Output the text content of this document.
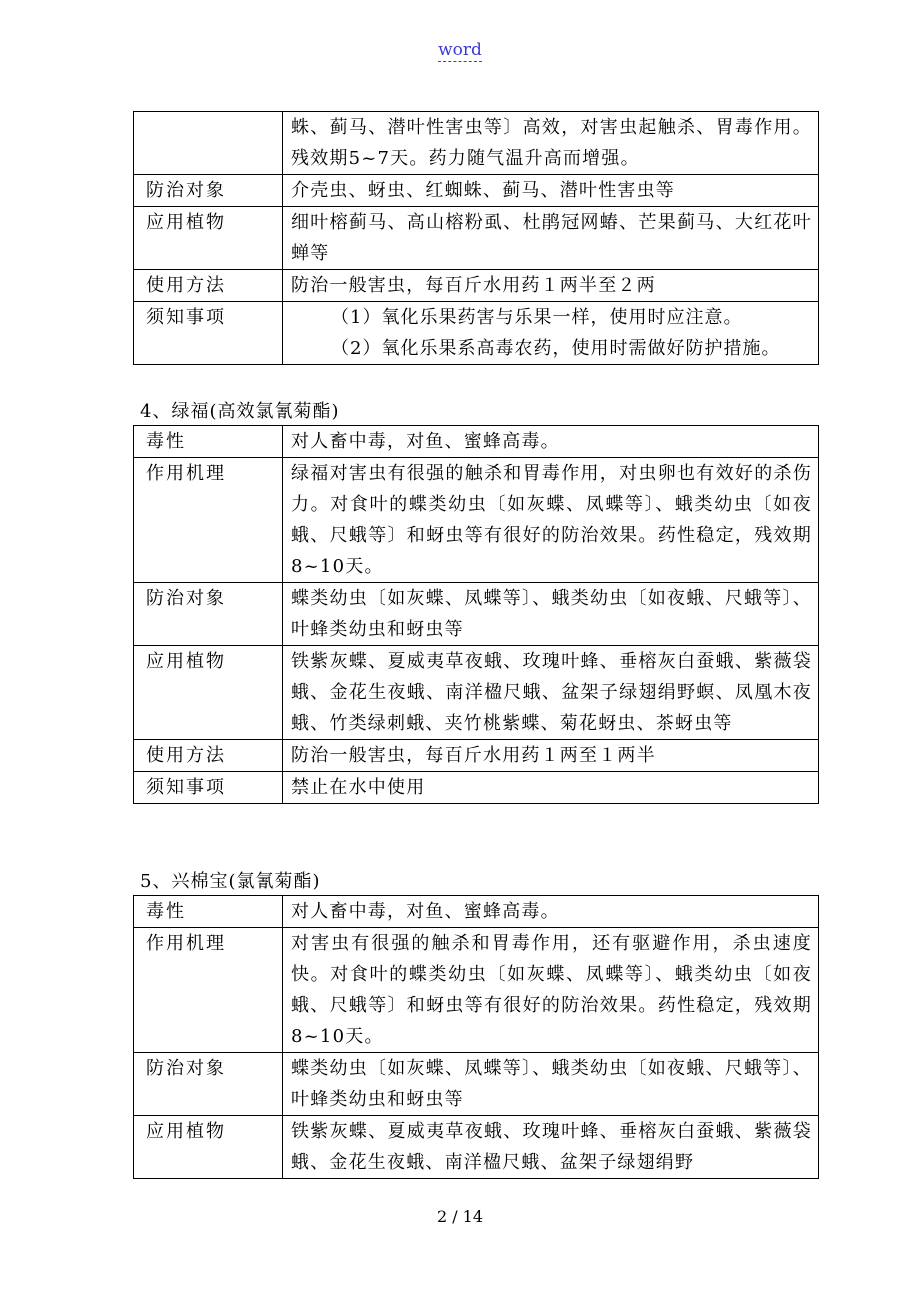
word
	蛛、蓟马、潜叶性害虫等〕高效，对害虫起触杀、胃毒作用。残效期5~7天。药力随气温升高而增强。
防治对象	介壳虫、蚜虫、红蜘蛛、蓟马、潜叶性害虫等
应用植物	细叶榕蓟马、高山榕粉虱、杜鹃冠网蝽、芒果蓟马、大红花叶蝉等
使用方法	防治一般害虫，每百斤水用药１两半至２两
须知事项	（1）氧化乐果药害与乐果一样，使用时应注意。
（2）氧化乐果系高毒农药，使用时需做好防护措施。
4、绿福(高效氯氰菊酯)
毒性	对人畜中毒，对鱼、蜜蜂高毒。
作用机理	绿福对害虫有很强的触杀和胃毒作用，对虫卵也有效好的杀伤力。对食叶的蝶类幼虫〔如灰蝶、凤蝶等〕、蛾类幼虫〔如夜蛾、尺蛾等〕和蚜虫等有很好的防治效果。药性稳定，残效期8~10天。
防治对象	蝶类幼虫〔如灰蝶、凤蝶等〕、蛾类幼虫〔如夜蛾、尺蛾等〕、叶蜂类幼虫和蚜虫等
应用植物	铁紫灰蝶、夏威夷草夜蛾、玫瑰叶蜂、垂榕灰白蚕蛾、紫薇袋蛾、金花生夜蛾、南洋楹尺蛾、盆架子绿翅绢野螟、凤凰木夜蛾、竹类绿刺蛾、夹竹桃紫蝶、菊花蚜虫、茶蚜虫等
使用方法	防治一般害虫，每百斤水用药１两至１两半
须知事项	禁止在水中使用
5、兴棉宝(氯氰菊酯)
毒性	对人畜中毒，对鱼、蜜蜂高毒。
作用机理	对害虫有很强的触杀和胃毒作用，还有驱避作用，杀虫速度快。对食叶的蝶类幼虫〔如灰蝶、凤蝶等〕、蛾类幼虫〔如夜蛾、尺蛾等〕和蚜虫等有很好的防治效果。药性稳定，残效期8~10天。
防治对象	蝶类幼虫〔如灰蝶、凤蝶等〕、蛾类幼虫〔如夜蛾、尺蛾等〕、叶蜂类幼虫和蚜虫等
应用植物	铁紫灰蝶、夏威夷草夜蛾、玫瑰叶蜂、垂榕灰白蚕蛾、紫薇袋蛾、金花生夜蛾、南洋楹尺蛾、盆架子绿翅绢野
2 / 14
